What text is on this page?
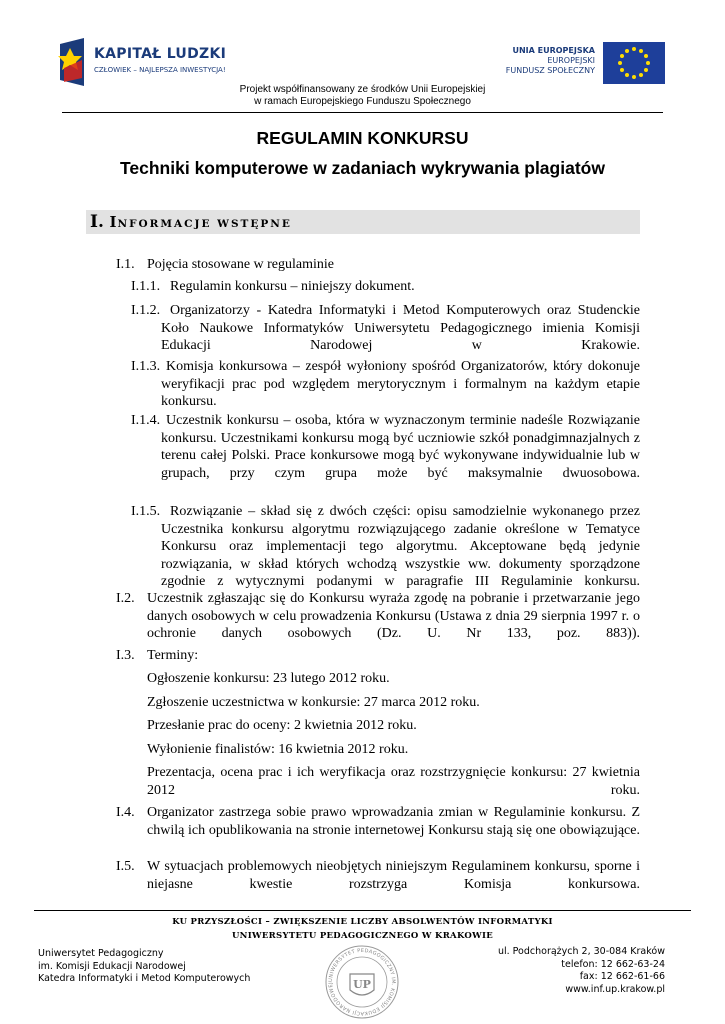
KAPITAŁ LUDZKI
CZŁOWIEK – NAJLEPSZA INWESTYCJA!
UNIA EUROPEJSKA
EUROPEJSKI
FUNDUSZ SPOŁECZNY
Projekt współfinansowany ze środków Unii Europejskiej
w ramach Europejskiego Funduszu Społecznego
REGULAMIN KONKURSU
Techniki komputerowe w zadaniach wykrywania plagiatów
I. INFORMACJE WSTĘPNE
I.1. Pojęcia stosowane w regulaminie
I.1.1. Regulamin konkursu – niniejszy dokument.
I.1.2. Organizatorzy - Katedra Informatyki i Metod Komputerowych oraz Studenckie Koło Naukowe Informatyków Uniwersytetu Pedagogicznego imienia Komisji Edukacji Narodowej w Krakowie.
I.1.3. Komisja konkursowa – zespół wyłoniony spośród Organizatorów, który dokonuje weryfikacji prac pod względem merytorycznym i formalnym na każdym etapie konkursu.
I.1.4. Uczestnik konkursu – osoba, która w wyznaczonym terminie nadeśle Rozwiązanie konkursu. Uczestnikami konkursu mogą być uczniowie szkół ponadgimnazjalnych z terenu całej Polski. Prace konkursowe mogą być wykonywane indywidualnie lub w grupach, przy czym grupa może być maksymalnie dwuosobowa.
I.1.5. Rozwiązanie – skład się z dwóch części: opisu samodzielnie wykonanego przez Uczestnika konkursu algorytmu rozwiązującego zadanie określone w Tematyce Konkursu oraz implementacji tego algorytmu. Akceptowane będą jedynie rozwiązania, w skład których wchodzą wszystkie ww. dokumenty sporządzone zgodnie z wytycznymi podanymi w paragrafie III Regulaminie konkursu.
I.2. Uczestnik zgłaszając się do Konkursu wyraża zgodę na pobranie i przetwarzanie jego danych osobowych w celu prowadzenia Konkursu (Ustawa z dnia 29 sierpnia 1997 r. o ochronie danych osobowych (Dz. U. Nr 133, poz. 883)).
I.3. Terminy:
Ogłoszenie konkursu: 23 lutego 2012 roku.
Zgłoszenie uczestnictwa w konkursie: 27 marca 2012 roku.
Przesłanie prac do oceny: 2 kwietnia 2012 roku.
Wyłonienie finalistów: 16 kwietnia 2012 roku.
Prezentacja, ocena prac i ich weryfikacja oraz rozstrzygnięcie konkursu: 27 kwietnia 2012 roku.
I.4. Organizator zastrzega sobie prawo wprowadzania zmian w Regulaminie konkursu. Z chwilą ich opublikowania na stronie internetowej Konkursu stają się one obowiązujące.
I.5. W sytuacjach problemowych nieobjętych niniejszym Regulaminem konkursu, sporne i niejasne kwestie rozstrzyga Komisja konkursowa.
KU PRZYSZŁOŚCI – ZWIĘKSZENIE LICZBY ABSOLWENTÓW INFORMATYKI
UNIWERSYTETU PEDAGOGICZNEGO W KRAKOWIE
Uniwersytet Pedagogiczny
im. Komisji Edukacji Narodowej
Katedra Informatyki i Metod Komputerowych	UNIWERSYTET PEDAGOGICZNY IM. KOMISJI EDUKACJI NARODOWEJ	UP
ul. Podchorążych 2, 30-084 Kraków
telefon: 12 662-63-24
fax: 12 662-61-66
www.inf.up.krakow.pl
